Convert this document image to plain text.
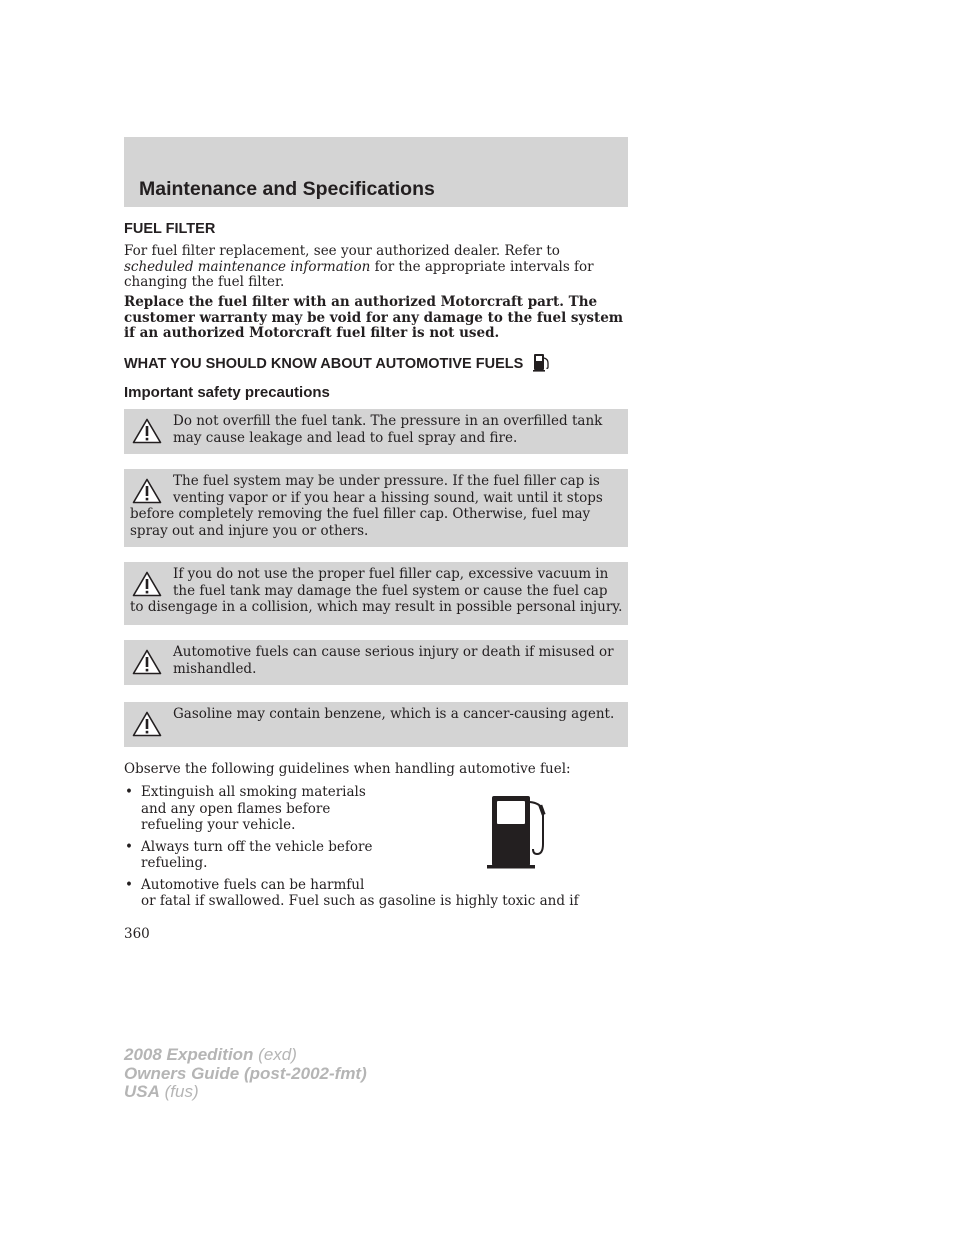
Maintenance and Specifications
FUEL FILTER
For fuel filter replacement, see your authorized dealer. Refer to
scheduled maintenance information for the appropriate intervals for
changing the fuel filter.
Replace the fuel filter with an authorized Motorcraft part. The
customer warranty may be void for any damage to the fuel system
if an authorized Motorcraft fuel filter is not used.
WHAT YOU SHOULD KNOW ABOUT AUTOMOTIVE FUELS
Important safety precautions
Do not overfill the fuel tank. The pressure in an overfilled tank
may cause leakage and lead to fuel spray and fire.
The fuel system may be under pressure. If the fuel filler cap is
venting vapor or if you hear a hissing sound, wait until it stops
before completely removing the fuel filler cap. Otherwise, fuel may
spray out and injure you or others.
If you do not use the proper fuel filler cap, excessive vacuum in
the fuel tank may damage the fuel system or cause the fuel cap
to disengage in a collision, which may result in possible personal injury.
Automotive fuels can cause serious injury or death if misused or
mishandled.
Gasoline may contain benzene, which is a cancer-causing agent.
Observe the following guidelines when handling automotive fuel:
• Extinguish all smoking materials
and any open flames before
refueling your vehicle.
• Always turn off the vehicle before
refueling.
• Automotive fuels can be harmful
or fatal if swallowed. Fuel such as gasoline is highly toxic and if
360
2008 Expedition (exd)
Owners Guide (post-2002-fmt)
USA (fus)
